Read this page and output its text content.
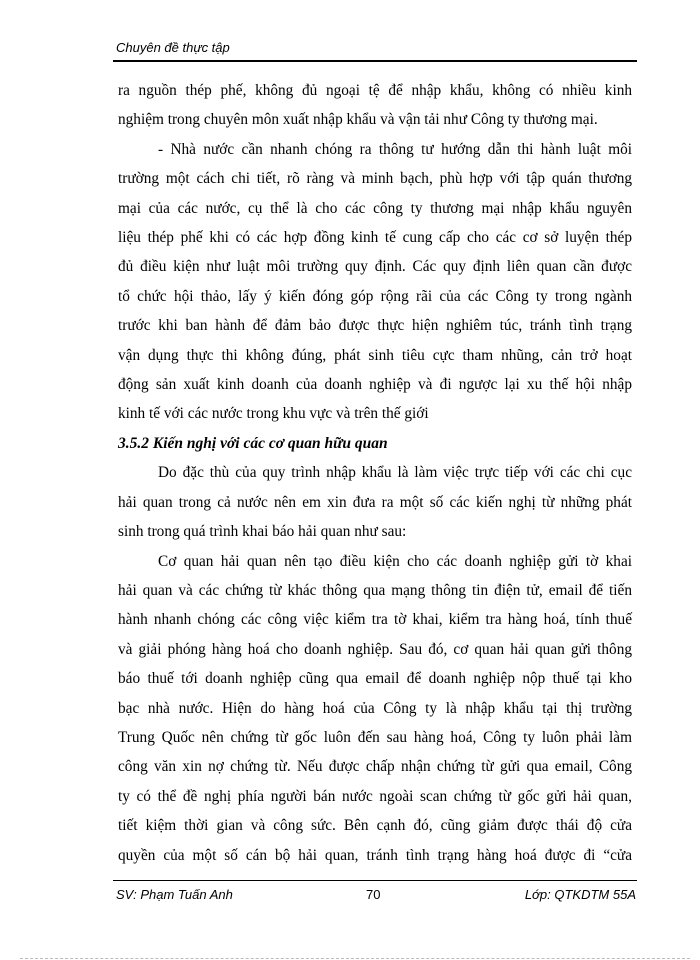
Chuyên đề thực tập

ra nguồn thép phế, không đủ ngoại tệ để nhập khẩu, không có nhiều kinh

nghiệm trong chuyên môn xuất nhập khẩu và vận tải như Công ty thương mại.

- Nhà nước cần nhanh chóng ra thông tư hướng dẫn thi hành luật môi

trường một cách chi tiết, rõ ràng và minh bạch, phù hợp với tập quán thương

mại của các nước, cụ thể là cho các công ty thương mại nhập khẩu nguyên

liệu thép phế khi có các hợp đồng kinh tế cung cấp cho các cơ sở luyện thép

đủ điều kiện như luật môi trường quy định. Các quy định liên quan cần được

tổ chức hội thảo, lấy ý kiến đóng góp rộng rãi của các Công ty trong ngành

trước khi ban hành để đảm bảo được thực hiện nghiêm túc, tránh tình trạng

vận dụng thực thi không đúng, phát sinh tiêu cực tham nhũng, cản trở hoạt

động sản xuất kinh doanh của doanh nghiệp và đi ngược lại xu thế hội nhập

kinh tế với các nước trong khu vực và trên thế giới

3.5.2 Kiến nghị với các cơ quan hữu quan

Do đặc thù của quy trình nhập khẩu là làm việc trực tiếp với các chi cục

hải quan trong cả nước nên em xin đưa ra một số các kiến nghị từ những phát

sinh trong quá trình khai báo hải quan như sau:

Cơ quan hải quan nên tạo điều kiện cho các doanh nghiệp gửi tờ khai

hải quan và các chứng từ khác thông qua mạng thông tin điện tử, email để tiến

hành nhanh chóng các công việc kiểm tra tờ khai, kiểm tra hàng hoá, tính thuế

và giải phóng hàng hoá cho doanh nghiệp. Sau đó, cơ quan hải quan gửi thông

báo thuế tới doanh nghiệp cũng qua email để doanh nghiệp nộp thuế tại kho

bạc nhà nước. Hiện do hàng hoá của Công ty là nhập khẩu tại thị trường

Trung Quốc nên chứng từ gốc luôn đến sau hàng hoá, Công ty luôn phải làm

công văn xin nợ chứng từ. Nếu được chấp nhận chứng từ gửi qua email, Công

ty có thể đề nghị phía người bán nước ngoài scan chứng từ gốc gửi hải quan,

tiết kiệm thời gian và công sức. Bên cạnh đó, cũng giảm được thái độ cửa

quyền của một số cán bộ hải quan, tránh tình trạng hàng hoá được đi “cửa

SV: Phạm Tuấn Anh	70	Lớp: QTKDTM 55A
